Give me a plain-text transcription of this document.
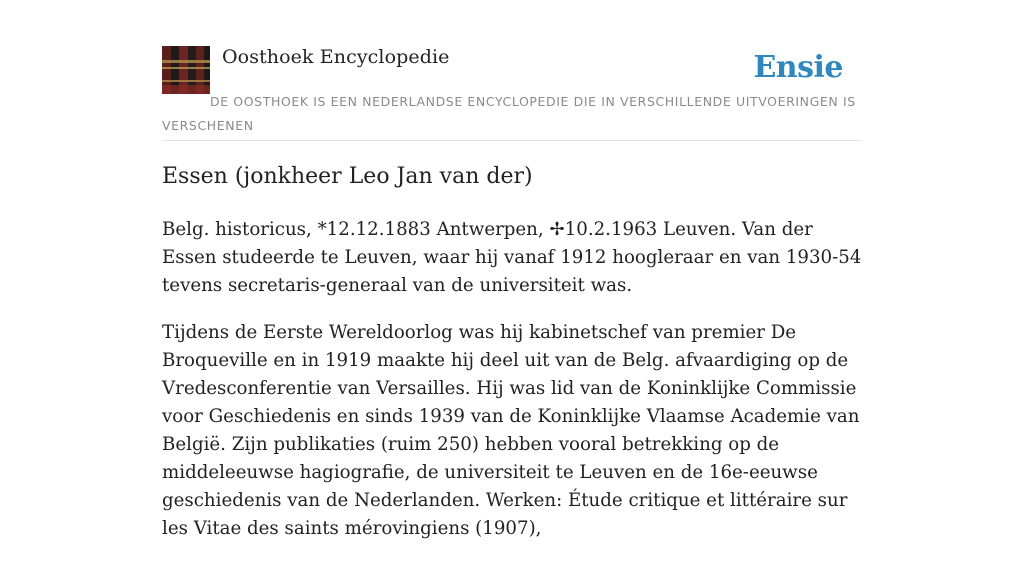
Oosthoek Encyclopedie	Ensie
DE OOSTHOEK IS EEN NEDERLANDSE ENCYCLOPEDIE DIE IN VERSCHILLENDE UITVOERINGEN IS VERSCHENEN
Essen (jonkheer Leo Jan van der)

Belg. historicus, *12.12.1883 Antwerpen, ✢10.2.1963 Leuven. Van der Essen studeerde te Leuven, waar hij vanaf 1912 hoogleraar en van 1930-54 tevens secretaris-generaal van de universiteit was.

Tijdens de Eerste Wereldoorlog was hij kabinetschef van premier De Broqueville en in 1919 maakte hij deel uit van de Belg. afvaardiging op de Vredesconferentie van Versailles. Hij was lid van de Koninklijke Commissie voor Geschiedenis en sinds 1939 van de Koninklijke Vlaamse Academie van België. Zijn publikaties (ruim 250) hebben vooral betrekking op de middeleeuwse hagiografie, de universiteit te Leuven en de 16e-eeuwse geschiedenis van de Nederlanden. Werken: Étude critique et littéraire sur les Vitae des saints mérovingiens (1907),
